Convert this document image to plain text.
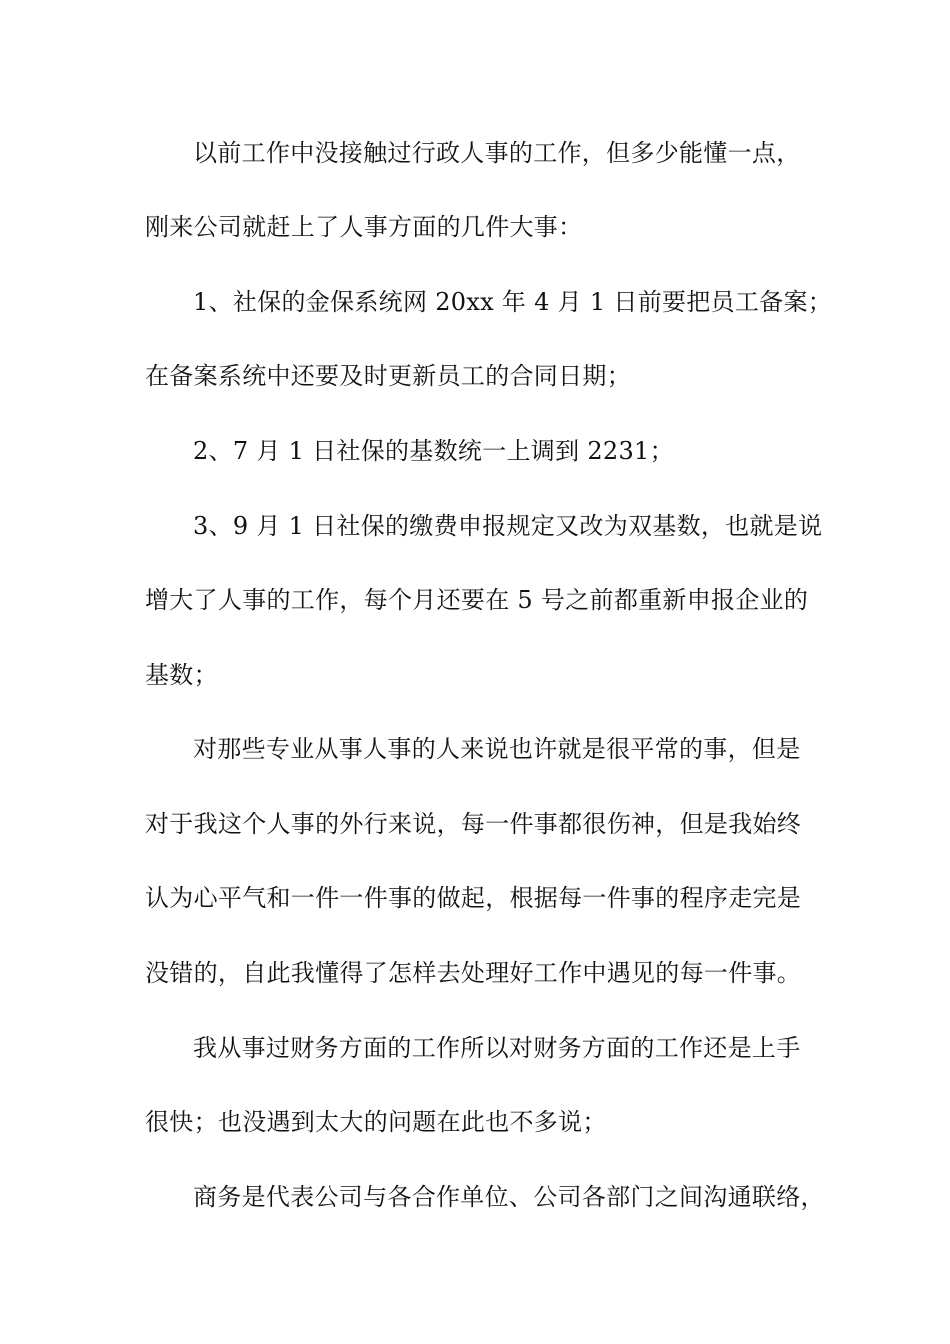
以前工作中没接触过行政人事的工作，但多少能懂一点，

刚来公司就赶上了人事方面的几件大事：

1、社保的金保系统网 20xx 年 4 月 1 日前要把员工备案；

在备案系统中还要及时更新员工的合同日期；

2、7 月 1 日社保的基数统一上调到 2231；

3、9 月 1 日社保的缴费申报规定又改为双基数，也就是说

增大了人事的工作，每个月还要在 5 号之前都重新申报企业的

基数；

对那些专业从事人事的人来说也许就是很平常的事，但是

对于我这个人事的外行来说，每一件事都很伤神，但是我始终

认为心平气和一件一件事的做起，根据每一件事的程序走完是

没错的，自此我懂得了怎样去处理好工作中遇见的每一件事。

我从事过财务方面的工作所以对财务方面的工作还是上手

很快；也没遇到太大的问题在此也不多说；

商务是代表公司与各合作单位、公司各部门之间沟通联络，
